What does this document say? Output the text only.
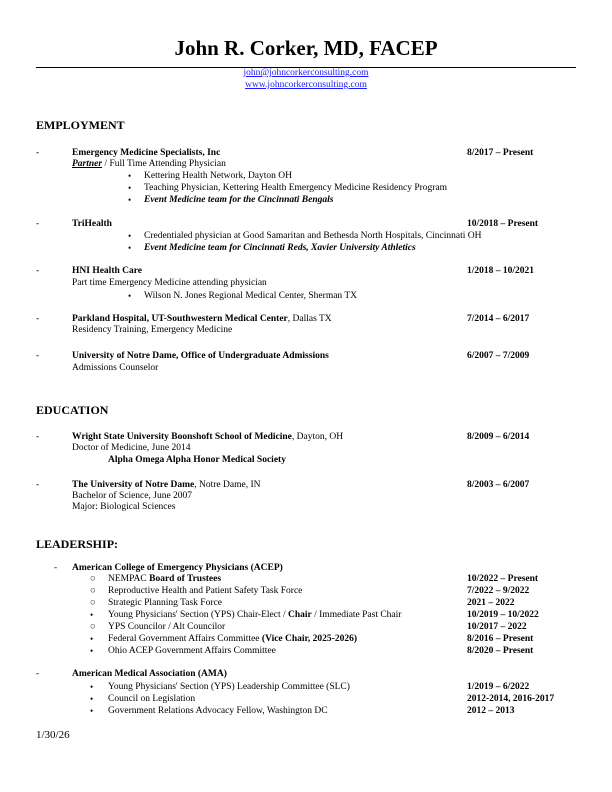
John R. Corker, MD, FACEP
john@johncorkerconsulting.com
www.johncorkerconsulting.com
EMPLOYMENT
-	Emergency Medicine Specialists, Inc	8/2017 – Present
Partner / Full Time Attending Physician
• Kettering Health Network, Dayton OH
• Teaching Physician, Kettering Health Emergency Medicine Residency Program
• Event Medicine team for the Cincinnati Bengals
-	TriHealth	10/2018 – Present
• Credentialed physician at Good Samaritan and Bethesda North Hospitals, Cincinnati OH
• Event Medicine team for Cincinnati Reds, Xavier University Athletics
-	HNI Health Care	1/2018 – 10/2021
Part time Emergency Medicine attending physician
• Wilson N. Jones Regional Medical Center, Sherman TX
-	Parkland Hospital, UT-Southwestern Medical Center, Dallas TX	7/2014 – 6/2017
Residency Training, Emergency Medicine
-	University of Notre Dame, Office of Undergraduate Admissions	6/2007 – 7/2009
Admissions Counselor
EDUCATION
-	Wright State University Boonshoft School of Medicine, Dayton, OH	8/2009 – 6/2014
Doctor of Medicine, June 2014
Alpha Omega Alpha Honor Medical Society
-	The University of Notre Dame, Notre Dame, IN	8/2003 – 6/2007
Bachelor of Science, June 2007
Major: Biological Sciences
LEADERSHIP:
- American College of Emergency Physicians (ACEP)
○ NEMPAC Board of Trustees	10/2022 – Present
○ Reproductive Health and Patient Safety Task Force	7/2022 – 9/2022
○ Strategic Planning Task Force	2021 – 2022
• Young Physicians' Section (YPS) Chair-Elect / Chair / Immediate Past Chair	10/2019 – 10/2022
○ YPS Councilor / Alt Councilor	10/2017 – 2022
• Federal Government Affairs Committee (Vice Chair, 2025-2026)	8/2016 – Present
• Ohio ACEP Government Affairs Committee	8/2020 – Present
-	American Medical Association (AMA)
• Young Physicians' Section (YPS) Leadership Committee (SLC)	1/2019 – 6/2022
• Council on Legislation	2012-2014, 2016-2017
• Government Relations Advocacy Fellow, Washington DC	2012 – 2013
1/30/26
